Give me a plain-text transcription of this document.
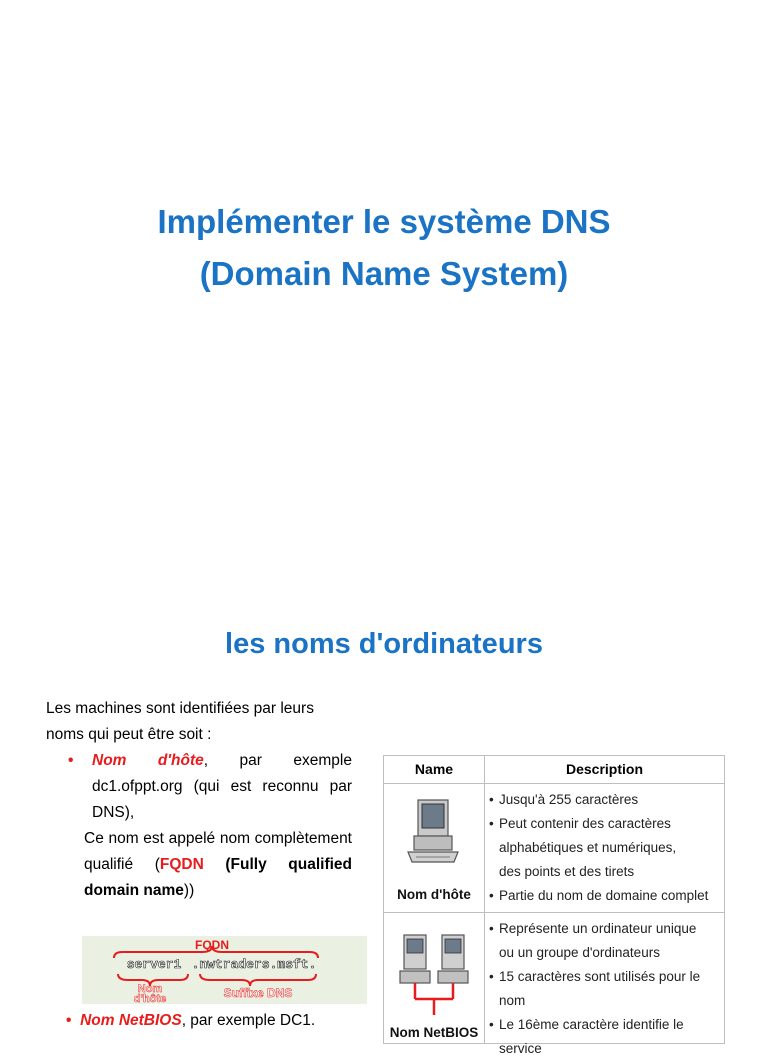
Implémenter le système DNS
(Domain Name System)
les noms d'ordinateurs

Les machines sont identifiées par leurs noms qui peut être soit :

• Nom d'hôte, par exemple dc1.ofppt.org (qui est reconnu par DNS),

Ce nom est appelé nom complètement qualifié (FQDN (Fully qualified domain name))

FQDN
server1 .nwtraders.msft.
Nom
d'hôte	Suffixe DNS
• Nom NetBIOS, par exemple DC1.
Name	Description
Nom d'hôte
• Jusqu'à 255 caractères
• Peut contenir des caractères
alphabétiques et numériques,
des points et des tirets
• Partie du nom de domaine complet
Nom NetBIOS
• Représente un ordinateur unique
ou un groupe d'ordinateurs
• 15 caractères sont utilisés pour le nom
• Le 16ème caractère identifie le service
